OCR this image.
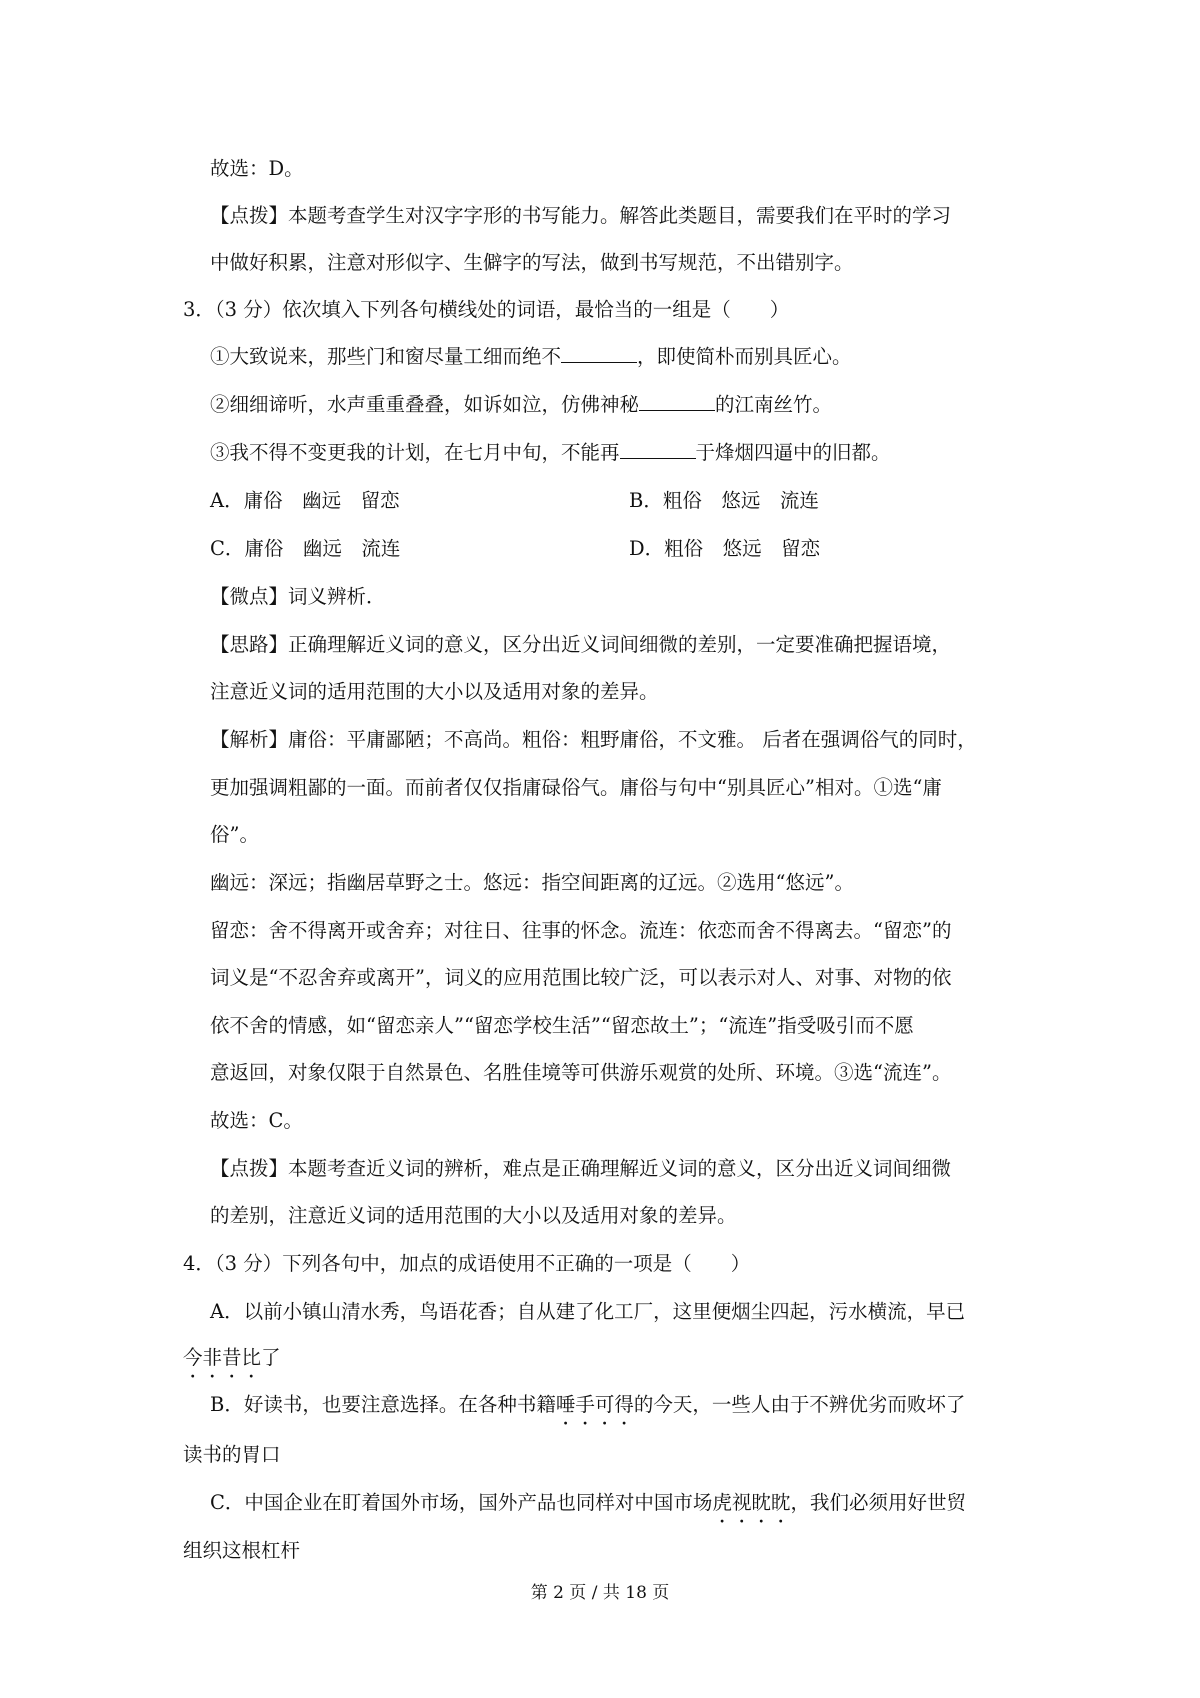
故选：D。
【点拨】本题考查学生对汉字字形的书写能力。解答此类题目，需要我们在平时的学习
中做好积累，注意对形似字、生僻字的写法，做到书写规范，不出错别字。
3．（3 分）依次填入下列各句横线处的词语，最恰当的一组是（　　）
①大致说来，那些门和窗尽量工细而绝不	，即使简朴而别具匠心。
②细细谛听，水声重重叠叠，如诉如泣，仿佛神秘	的江南丝竹。
③我不得不变更我的计划，在七月中旬，不能再	于烽烟四逼中的旧都。
A．庸俗　幽远　留恋	B．粗俗　悠远　流连
C．庸俗　幽远　流连	D．粗俗　悠远　留恋
【微点】词义辨析．
【思路】正确理解近义词的意义，区分出近义词间细微的差别，一定要准确把握语境，
注意近义词的适用范围的大小以及适用对象的差异。
【解析】庸俗：平庸鄙陋；不高尚。粗俗：粗野庸俗，不文雅。 后者在强调俗气的同时，
更加强调粗鄙的一面。而前者仅仅指庸碌俗气。庸俗与句中“别具匠心”相对。①选“庸
俗”。
幽远：深远；指幽居草野之士。悠远：指空间距离的辽远。②选用“悠远”。
留恋：舍不得离开或舍弃；对往日、往事的怀念。流连：依恋而舍不得离去。“留恋”的
词义是“不忍舍弃或离开”，词义的应用范围比较广泛，可以表示对人、对事、对物的依
依不舍的情感，如“留恋亲人”“留恋学校生活”“留恋故土”；“流连”指受吸引而不愿
意返回，对象仅限于自然景色、名胜佳境等可供游乐观赏的处所、环境。③选“流连”。
故选：C。
【点拨】本题考查近义词的辨析，难点是正确理解近义词的意义，区分出近义词间细微
的差别，注意近义词的适用范围的大小以及适用对象的差异。
4．（3 分）下列各句中，加点的成语使用不正确的一项是（　　）
A．以前小镇山清水秀，鸟语花香；自从建了化工厂，这里便烟尘四起，污水横流，早已
今非昔比了
B．好读书，也要注意选择。在各种书籍唾手可得的今天，一些人由于不辨优劣而败坏了
读书的胃口
C．中国企业在盯着国外市场，国外产品也同样对中国市场虎视眈眈，我们必须用好世贸
组织这根杠杆
第 2 页 / 共 18 页
